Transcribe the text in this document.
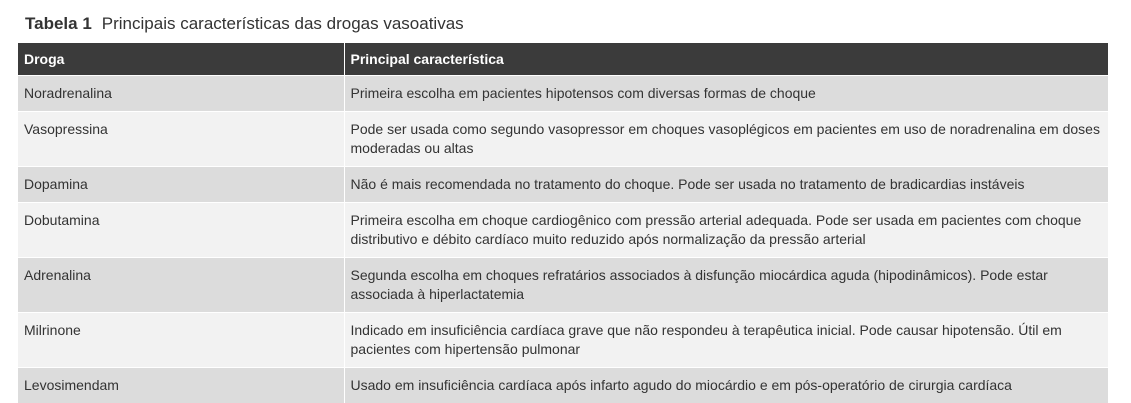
Tabela 1 Principais características das drogas vasoativas
Droga	Principal característica
Noradrenalina	Primeira escolha em pacientes hipotensos com diversas formas de choque
Vasopressina	Pode ser usada como segundo vasopressor em choques vasoplégicos em pacientes em uso de noradrenalina em doses moderadas ou altas
Dopamina	Não é mais recomendada no tratamento do choque. Pode ser usada no tratamento de bradicardias instáveis
Dobutamina	Primeira escolha em choque cardiogênico com pressão arterial adequada. Pode ser usada em pacientes com choque distributivo e débito cardíaco muito reduzido após normalização da pressão arterial
Adrenalina	Segunda escolha em choques refratários associados à disfunção miocárdica aguda (hipodinâmicos). Pode estar associada à hiperlactatemia
Milrinone	Indicado em insuficiência cardíaca grave que não respondeu à terapêutica inicial. Pode causar hipotensão. Útil em pacientes com hipertensão pulmonar
Levosimendam	Usado em insuficiência cardíaca após infarto agudo do miocárdio e em pós-operatório de cirurgia cardíaca
